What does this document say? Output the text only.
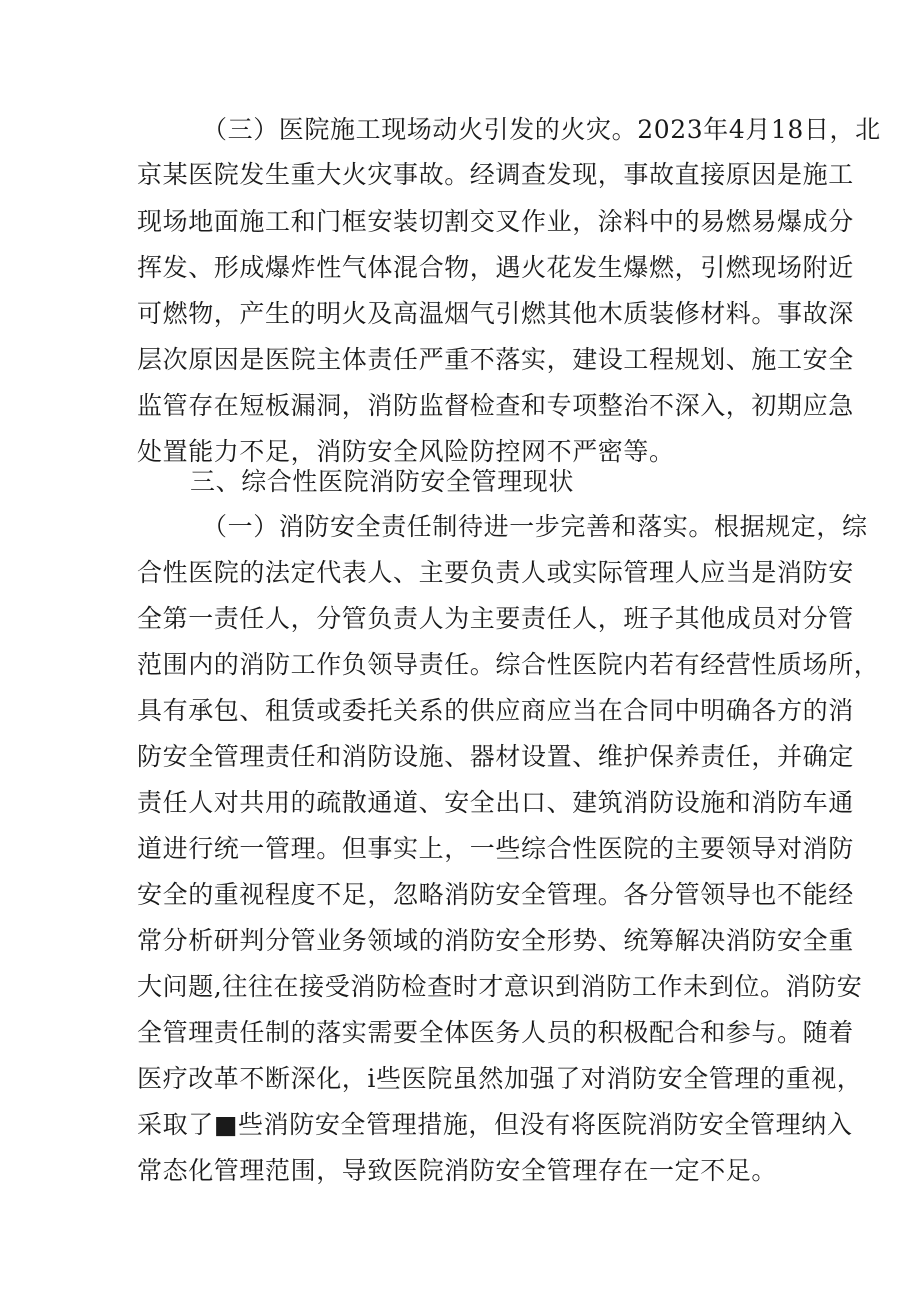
（三）医院施工现场动火引发的火灾。2023年4月18日，北

京某医院发生重大火灾事故。经调查发现，事故直接原因是施工

现场地面施工和门框安装切割交叉作业，涂料中的易燃易爆成分

挥发、形成爆炸性气体混合物，遇火花发生爆燃，引燃现场附近

可燃物，产生的明火及高温烟气引燃其他木质装修材料。事故深

层次原因是医院主体责任严重不落实，建设工程规划、施工安全

监管存在短板漏洞，消防监督检查和专项整治不深入，初期应急

处置能力不足，消防安全风险防控网不严密等。

三、综合性医院消防安全管理现状

（一）消防安全责任制待进一步完善和落实。根据规定，综

合性医院的法定代表人、主要负责人或实际管理人应当是消防安

全第一责任人，分管负责人为主要责任人，班子其他成员对分管

范围内的消防工作负领导责任。综合性医院内若有经营性质场所，

具有承包、租赁或委托关系的供应商应当在合同中明确各方的消

防安全管理责任和消防设施、器材设置、维护保养责任，并确定

责任人对共用的疏散通道、安全出口、建筑消防设施和消防车通

道进行统一管理。但事实上，一些综合性医院的主要领导对消防

安全的重视程度不足，忽略消防安全管理。各分管领导也不能经

常分析研判分管业务领域的消防安全形势、统筹解决消防安全重

大问题,往往在接受消防检查时才意识到消防工作未到位。消防安

全管理责任制的落实需要全体医务人员的积极配合和参与。随着

医疗改革不断深化，i些医院虽然加强了对消防安全管理的重视，

采取了■些消防安全管理措施，但没有将医院消防安全管理纳入

常态化管理范围，导致医院消防安全管理存在一定不足。
